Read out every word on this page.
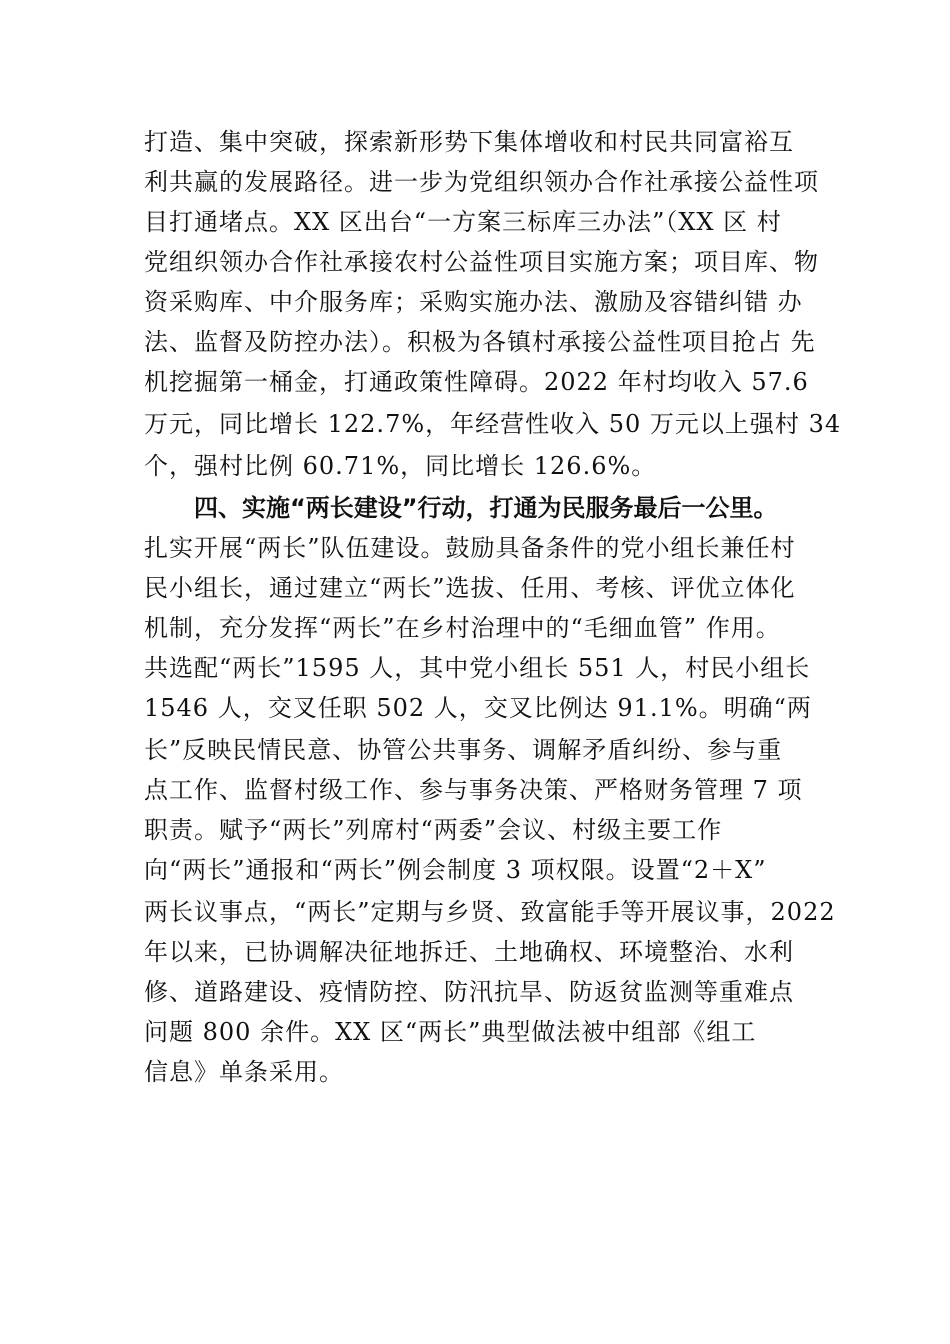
打造、集中突破，探索新形势下集体增收和村民共同富裕互
利共赢的发展路径。进一步为党组织领办合作社承接公益性项
目打通堵点。XX 区出台“一方案三标库三办法”（XX 区 村
党组织领办合作社承接农村公益性项目实施方案；项目库、物
资采购库、中介服务库；采购实施办法、激励及容错纠错 办
法、监督及防控办法）。积极为各镇村承接公益性项目抢占 先
机挖掘第一桶金，打通政策性障碍。2022 年村均收入 57.6
万元，同比增长 122.7%，年经营性收入 50 万元以上强村 34
个，强村比例 60.71%，同比增长 126.6%。
四、实施“两长建设”行动，打通为民服务最后一公里。
扎实开展“两长”队伍建设。鼓励具备条件的党小组长兼任村
民小组长，通过建立“两长”选拔、任用、考核、评优立体化
机制，充分发挥“两长”在乡村治理中的“毛细血管” 作用。
共选配“两长”1595 人，其中党小组长 551 人，村民小组长
1546 人，交叉任职 502 人，交叉比例达 91.1%。明确“两
长”反映民情民意、协管公共事务、调解矛盾纠纷、参与重
点工作、监督村级工作、参与事务决策、严格财务管理 7 项
职责。赋予“两长”列席村“两委”会议、村级主要工作
向“两长”通报和“两长”例会制度 3 项权限。设置“2＋X”
两长议事点，“两长”定期与乡贤、致富能手等开展议事，2022
年以来，已协调解决征地拆迁、土地确权、环境整治、水利
修、道路建设、疫情防控、防汛抗旱、防返贫监测等重难点
问题 800 余件。XX 区“两长”典型做法被中组部《组工
信息》单条采用。
